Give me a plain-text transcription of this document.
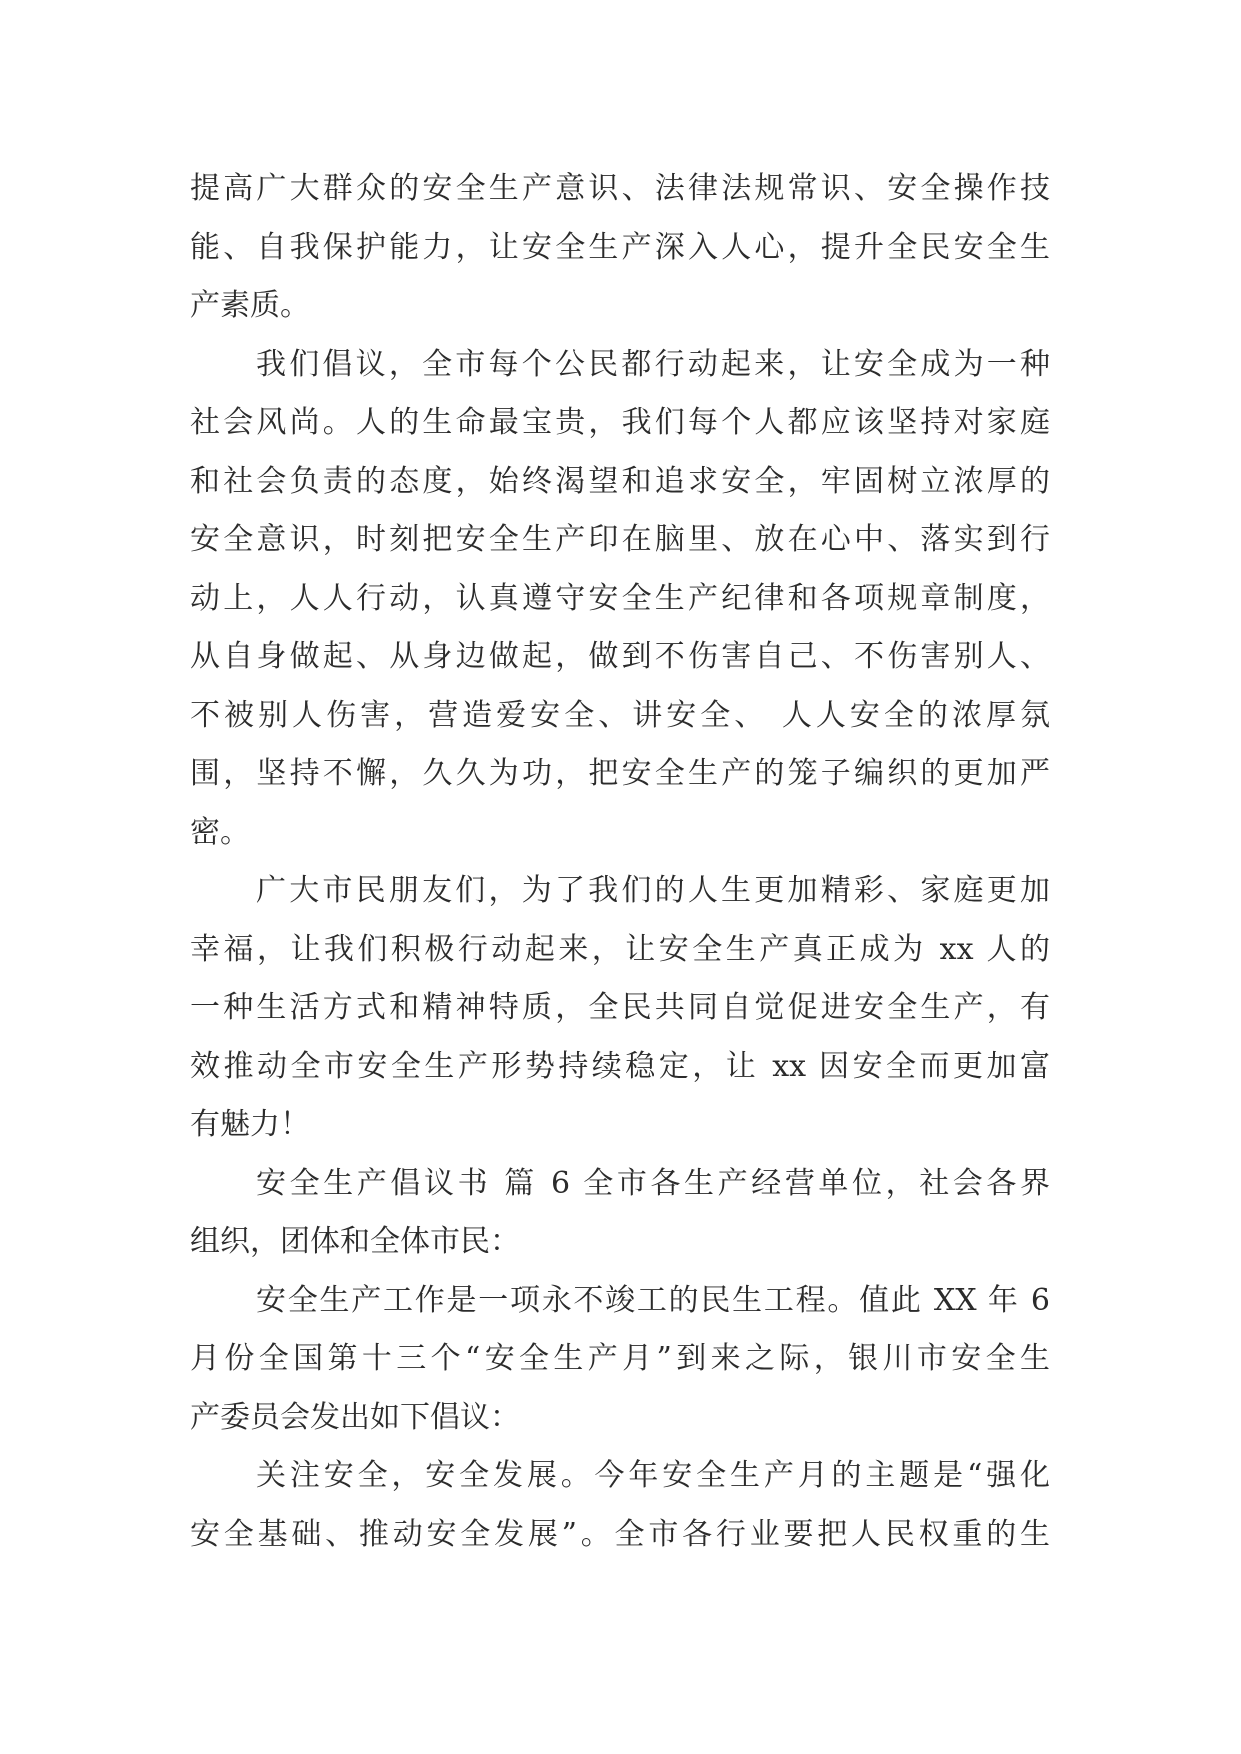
提高广大群众的安全生产意识、法律法规常识、安全操作技
能、自我保护能力，让安全生产深入人心，提升全民安全生
产素质。
我们倡议，全市每个公民都行动起来，让安全成为一种
社会风尚。人的生命最宝贵，我们每个人都应该坚持对家庭
和社会负责的态度，始终渴望和追求安全，牢固树立浓厚的
安全意识，时刻把安全生产印在脑里、放在心中、落实到行
动上，人人行动，认真遵守安全生产纪律和各项规章制度，
从自身做起、从身边做起，做到不伤害自己、不伤害别人、
不被别人伤害，营造爱安全、讲安全、 人人安全的浓厚氛
围，坚持不懈，久久为功，把安全生产的笼子编织的更加严
密。
广大市民朋友们，为了我们的人生更加精彩、家庭更加
幸福，让我们积极行动起来，让安全生产真正成为 xx 人的
一种生活方式和精神特质，全民共同自觉促进安全生产，有
效推动全市安全生产形势持续稳定，让 xx 因安全而更加富
有魅力！
安全生产倡议书 篇 6 全市各生产经营单位，社会各界
组织，团体和全体市民：
安全生产工作是一项永不竣工的民生工程。值此 XX 年 6
月份全国第十三个“安全生产月”到来之际，银川市安全生
产委员会发出如下倡议：
关注安全，安全发展。今年安全生产月的主题是“强化
安全基础、推动安全发展”。全市各行业要把人民权重的生
